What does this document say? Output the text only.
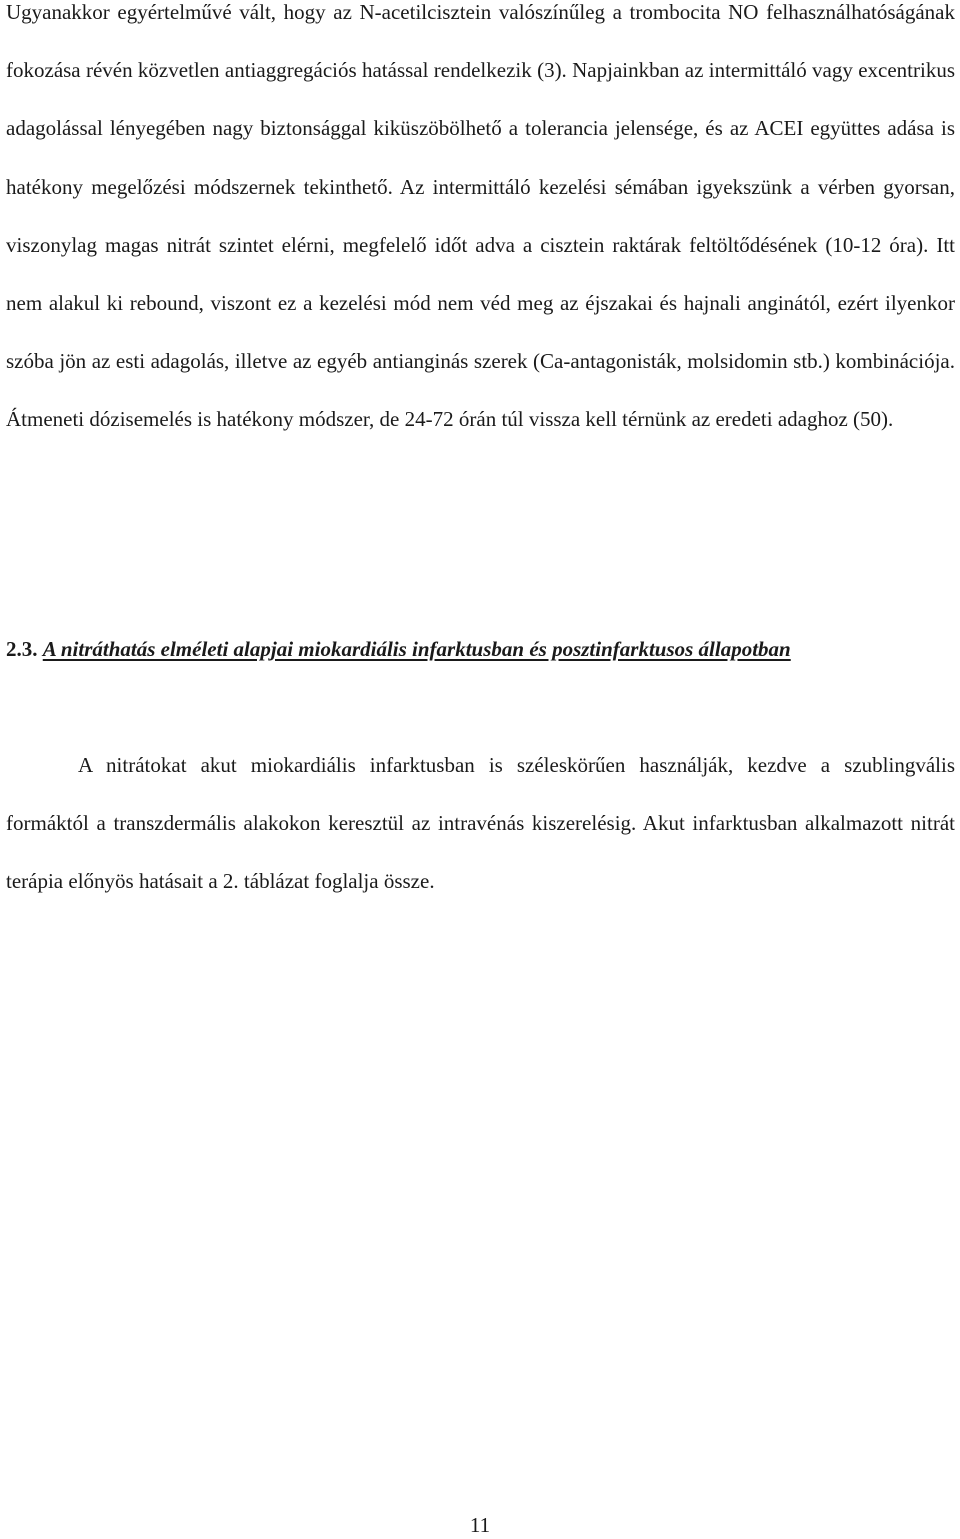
Ugyanakkor egyértelművé vált, hogy az N-acetilcisztein valószínűleg a trombocita NO felhasználhatóságának fokozása révén közvetlen antiaggregációs hatással rendelkezik (3). Napjainkban az intermittáló vagy excentrikus adagolással lényegében nagy biztonsággal kiküszöbölhető a tolerancia jelensége, és az ACEI együttes adása is hatékony megelőzési módszernek tekinthető. Az intermittáló kezelési sémában igyekszünk a vérben gyorsan, viszonylag magas nitrát szintet elérni, megfelelő időt adva a cisztein raktárak feltöltődésének (10-12 óra). Itt nem alakul ki rebound, viszont ez a kezelési mód nem véd meg az éjszakai és hajnali anginától, ezért ilyenkor szóba jön az esti adagolás, illetve az egyéb antianginás szerek (Ca-antagonisták, molsidomin stb.) kombinációja. Átmeneti dózisemelés is hatékony módszer, de 24-72 órán túl vissza kell térnünk az eredeti adaghoz (50).

2.3. A nitráthatás elméleti alapjai miokardiális infarktusban és posztinfarktusos állapotban

A nitrátokat akut miokardiális infarktusban is széleskörűen használják, kezdve a szublingvális formáktól a transzdermális alakokon keresztül az intravénás kiszerelésig. Akut infarktusban alkalmazott nitrát terápia előnyös hatásait a 2. táblázat foglalja össze.

11
